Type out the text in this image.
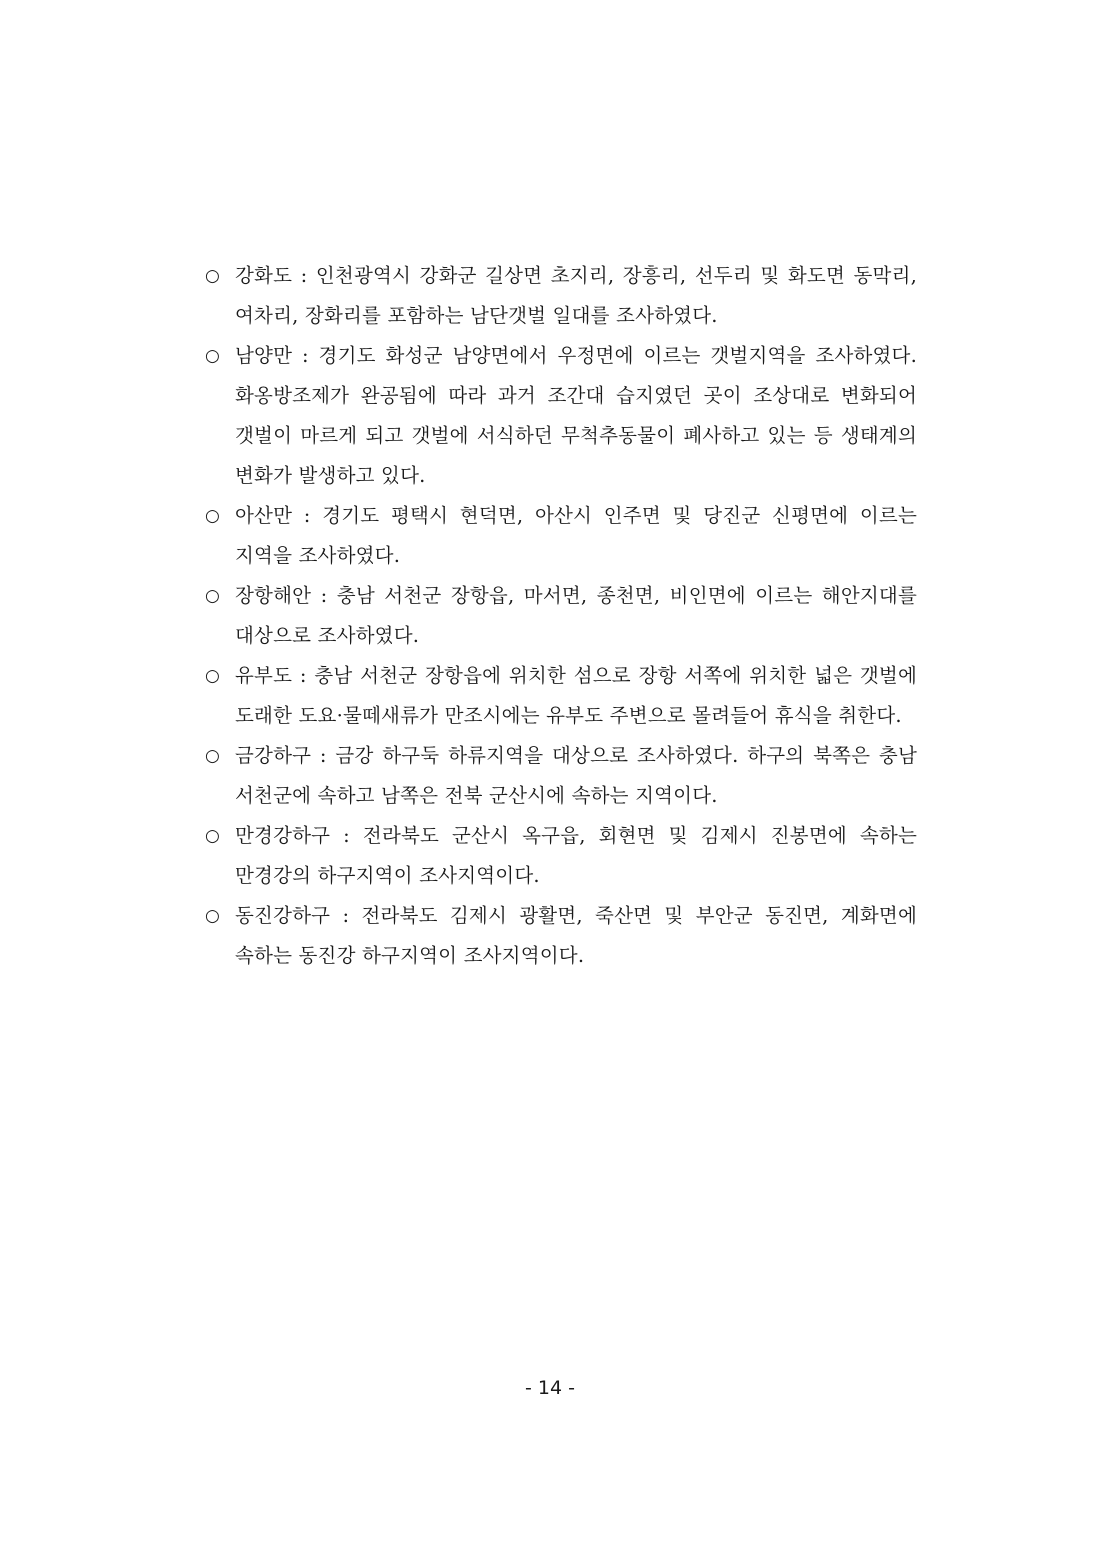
○ 강화도 : 인천광역시 강화군 길상면 초지리, 장흥리, 선두리 및 화도면 동막리, 여차리, 장화리를 포함하는 남단갯벌 일대를 조사하였다.
○ 남양만 : 경기도 화성군 남양면에서 우정면에 이르는 갯벌지역을 조사하였다. 화옹방조제가 완공됨에 따라 과거 조간대 습지였던 곳이 조상대로 변화되어 갯벌이 마르게 되고 갯벌에 서식하던 무척추동물이 폐사하고 있는 등 생태계의 변화가 발생하고 있다.
○ 아산만 : 경기도 평택시 현덕면, 아산시 인주면 및 당진군 신평면에 이르는 지역을 조사하였다.
○ 장항해안 : 충남 서천군 장항읍, 마서면, 종천면, 비인면에 이르는 해안지대를 대상으로 조사하였다.
○ 유부도 : 충남 서천군 장항읍에 위치한 섬으로 장항 서쪽에 위치한 넓은 갯벌에 도래한 도요·물떼새류가 만조시에는 유부도 주변으로 몰려들어 휴식을 취한다.
○ 금강하구 : 금강 하구둑 하류지역을 대상으로 조사하였다. 하구의 북쪽은 충남 서천군에 속하고 남쪽은 전북 군산시에 속하는 지역이다.
○ 만경강하구 : 전라북도 군산시 옥구읍, 회현면 및 김제시 진봉면에 속하는 만경강의 하구지역이 조사지역이다.
○ 동진강하구 : 전라북도 김제시 광활면, 죽산면 및 부안군 동진면, 계화면에 속하는 동진강 하구지역이 조사지역이다.
- 14 -
